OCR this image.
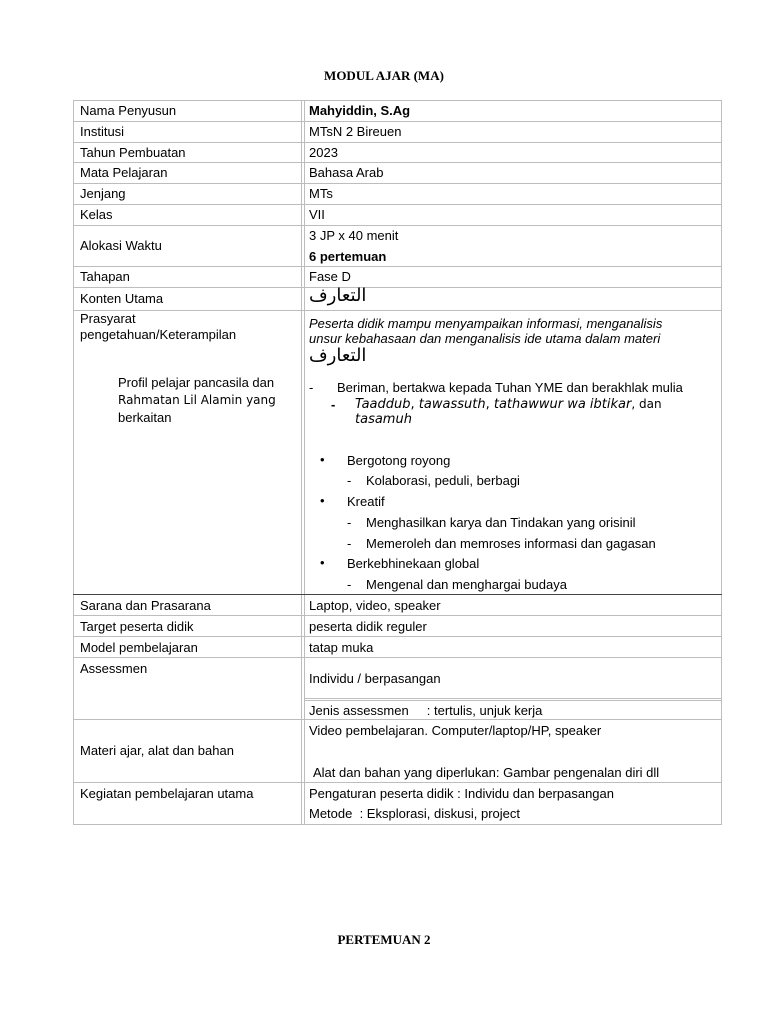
MODUL AJAR (MA)
Nama Penyusun
Institusi
Tahun Pembuatan
Mata Pelajaran
Jenjang
Kelas
Alokasi Waktu
Tahapan
Konten Utama
Prasyarat
pengetahuan/Keterampilan
Profil pelajar pancasila dan
Rahmatan Lil Alamin yang
berkaitan
Sarana dan Prasarana
Target peserta didik
Model pembelajaran
Assessmen
Materi ajar, alat dan bahan
Kegiatan pembelajaran utama
Mahyiddin, S.Ag
MTsN 2 Bireuen
2023
Bahasa Arab
MTs
VII
3 JP x 40 menit
6 pertemuan
Fase D
التعارف
Peserta didik mampu menyampaikan informasi, menganalisis
unsur kebahasaan dan menganalisis ide utama dalam materi
التعارف
- Beriman, bertakwa kepada Tuhan YME dan berakhlak mulia
- Taaddub, tawassuth, tathawwur wa ibtikar, dan
tasamuh
• Bergotong royong
- Kolaborasi, peduli, berbagi
• Kreatif
- Menghasilkan karya dan Tindakan yang orisinil
- Memeroleh dan memroses informasi dan gagasan
• Berkebhinekaan global
- Mengenal dan menghargai budaya
Laptop, video, speaker
peserta didik reguler
tatap muka
Individu / berpasangan
Jenis assessmen     : tertulis, unjuk kerja
Video pembelajaran. Computer/laptop/HP, speaker
Alat dan bahan yang diperlukan: Gambar pengenalan diri dll
Pengaturan peserta didik : Individu dan berpasangan
Metode  : Eksplorasi, diskusi, project
PERTEMUAN 2
